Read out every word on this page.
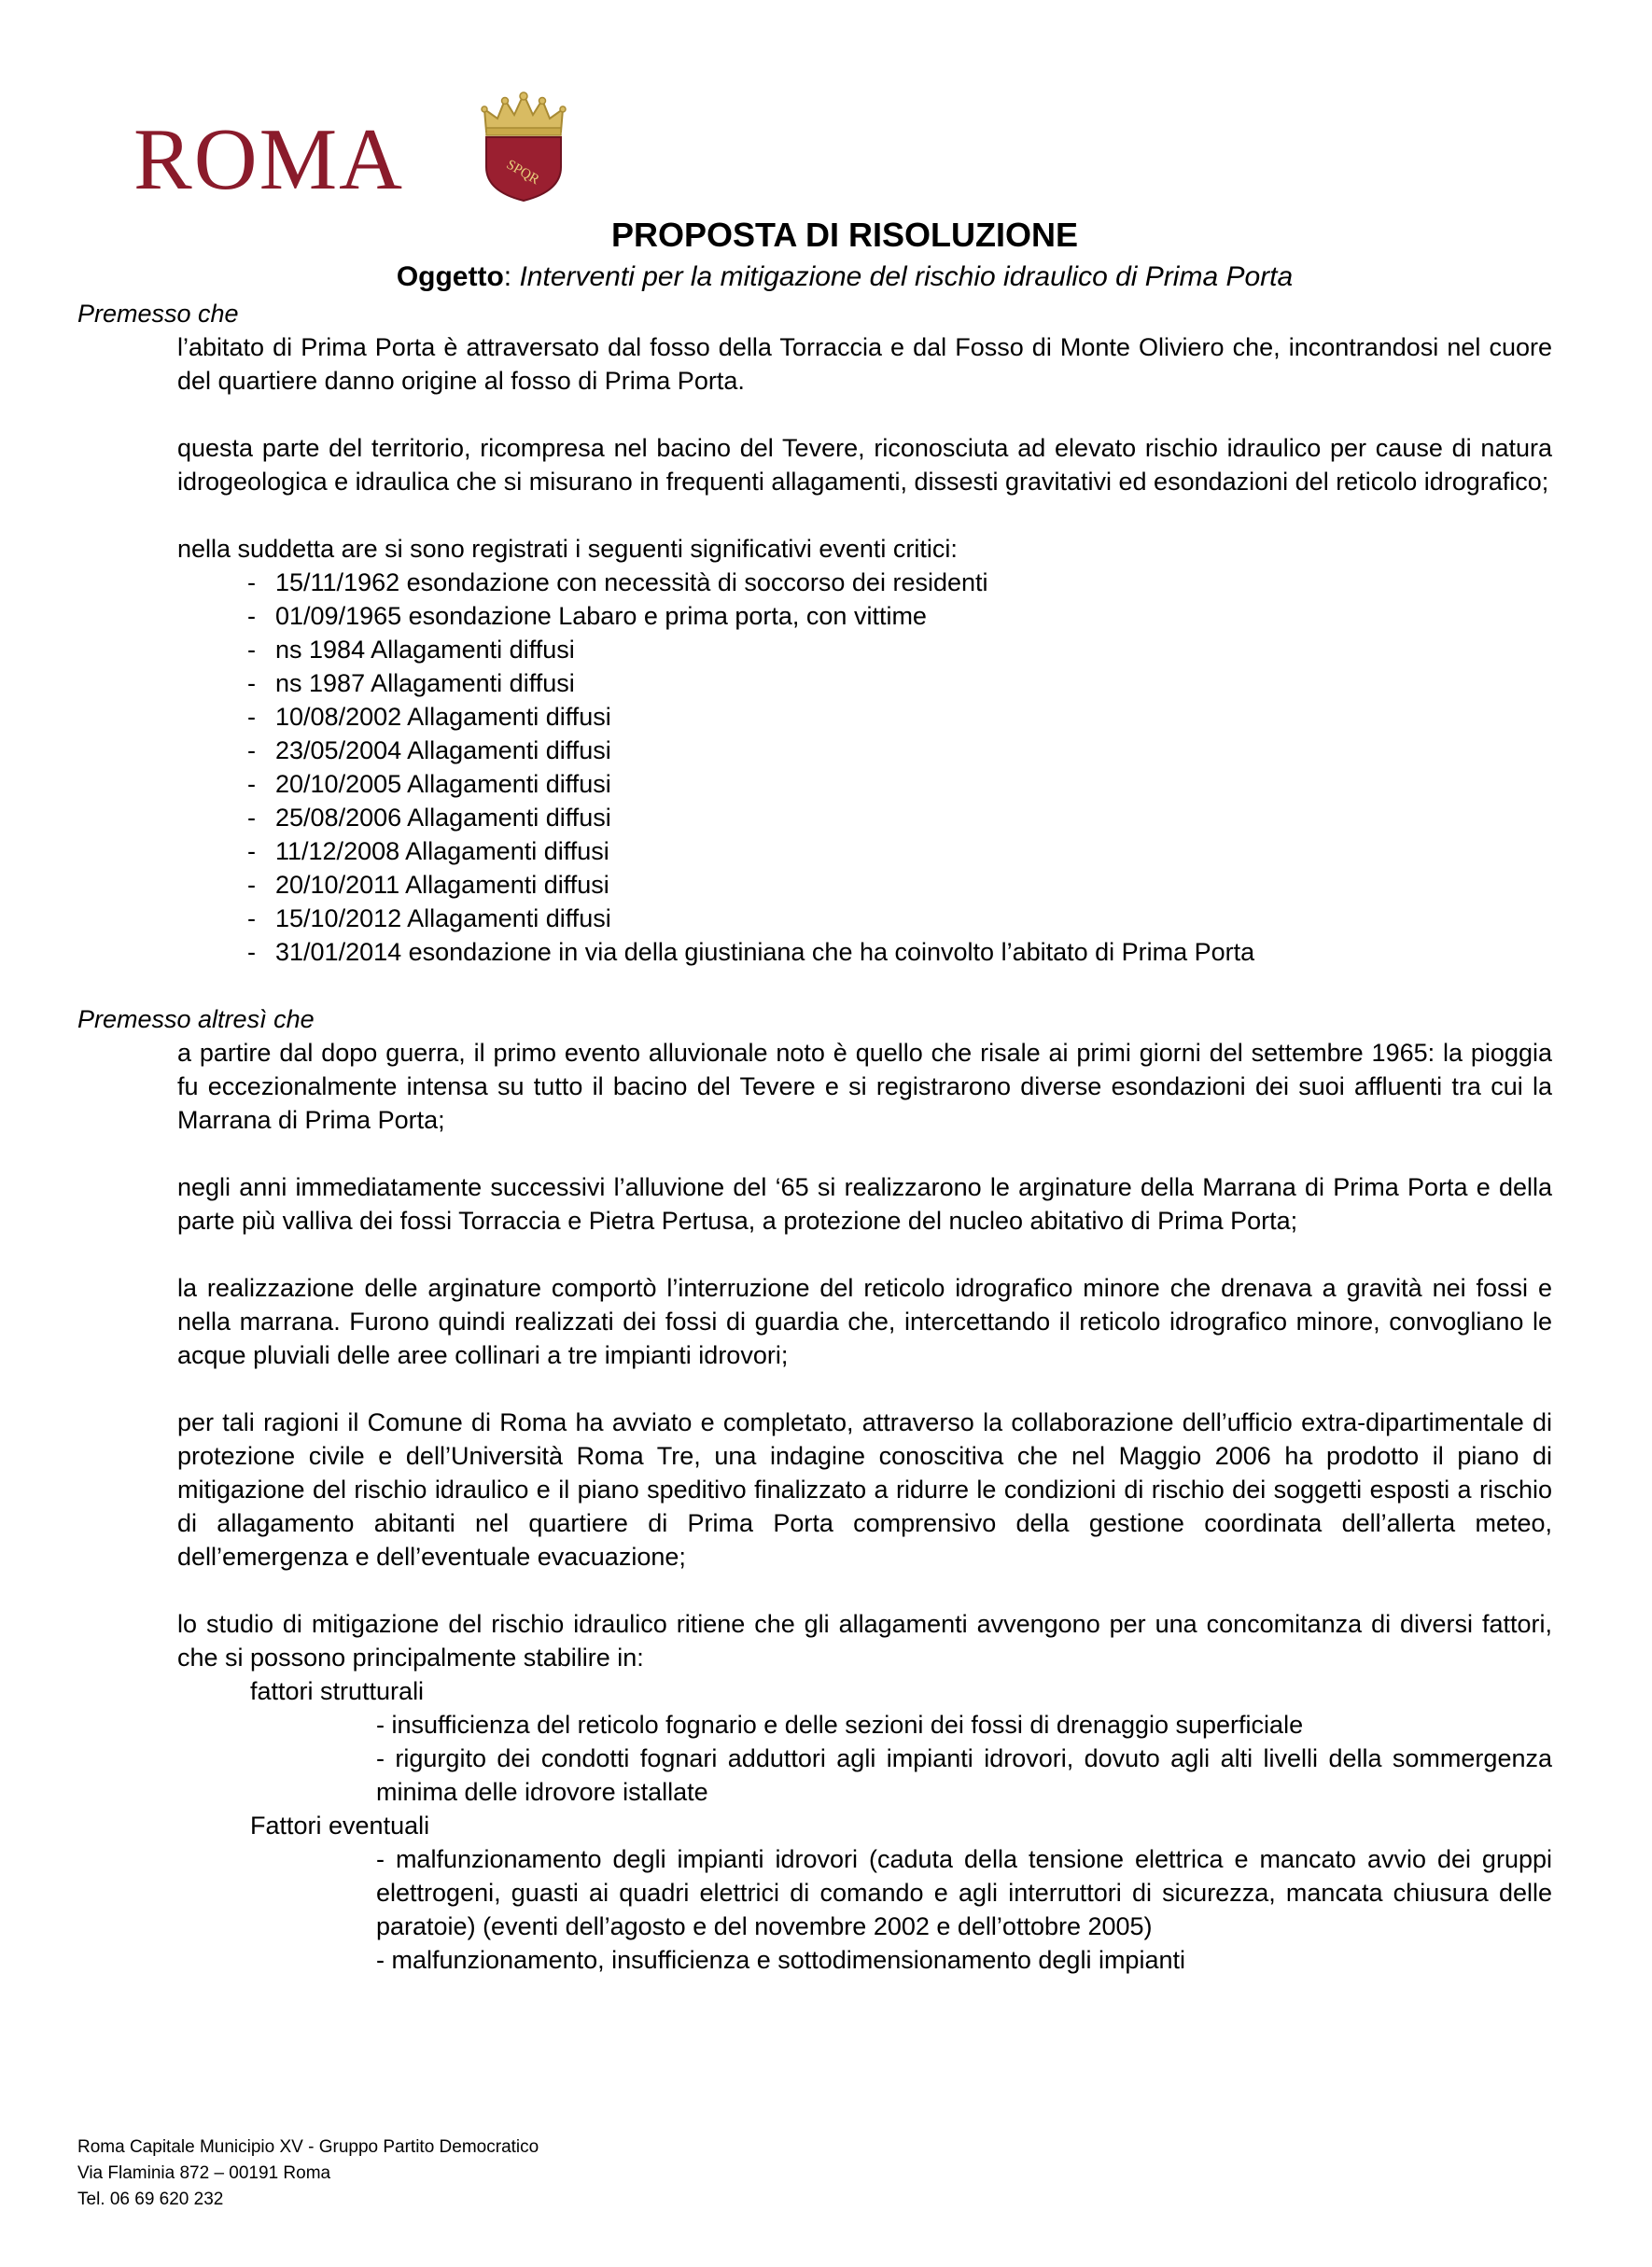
ROMA	SPQR
PROPOSTA DI RISOLUZIONE
Oggetto: Interventi per la mitigazione del rischio idraulico di Prima Porta
Premesso che
l’abitato di Prima Porta è attraversato dal fosso della Torraccia e dal Fosso di Monte Oliviero che, incontrandosi nel cuore del quartiere danno origine al fosso di Prima Porta.
questa parte del territorio, ricompresa nel bacino del Tevere, riconosciuta ad elevato rischio idraulico per cause di natura idrogeologica e idraulica che si misurano in frequenti allagamenti, dissesti gravitativi ed esondazioni del reticolo idrografico;
nella suddetta are si sono registrati i seguenti significativi eventi critici:
- 15/11/1962 esondazione con necessità di soccorso dei residenti
- 01/09/1965 esondazione Labaro e prima porta, con vittime
- ns 1984 Allagamenti diffusi
- ns 1987 Allagamenti diffusi
- 10/08/2002 Allagamenti diffusi
- 23/05/2004 Allagamenti diffusi
- 20/10/2005 Allagamenti diffusi
- 25/08/2006 Allagamenti diffusi
- 11/12/2008 Allagamenti diffusi
- 20/10/2011 Allagamenti diffusi
- 15/10/2012 Allagamenti diffusi
- 31/01/2014 esondazione in via della giustiniana che ha coinvolto l’abitato di Prima Porta
Premesso altresì che
a partire dal dopo guerra, il primo evento alluvionale noto è quello che risale ai primi giorni del settembre 1965: la pioggia fu eccezionalmente intensa su tutto il bacino del Tevere e si registrarono diverse esondazioni dei suoi affluenti tra cui la Marrana di Prima Porta;
negli anni immediatamente successivi l’alluvione del ‘65 si realizzarono le arginature della Marrana di Prima Porta e della parte più valliva dei fossi Torraccia e Pietra Pertusa, a protezione del nucleo abitativo di Prima Porta;
la realizzazione delle arginature comportò l’interruzione del reticolo idrografico minore che drenava a gravità nei fossi e nella marrana. Furono quindi realizzati dei fossi di guardia che, intercettando il reticolo idrografico minore, convogliano le acque pluviali delle aree collinari a tre impianti idrovori;
per tali ragioni il Comune di Roma ha avviato e completato, attraverso la collaborazione dell’ufficio extra-dipartimentale di protezione civile e dell’Università Roma Tre, una indagine conoscitiva che nel Maggio 2006 ha prodotto il piano di mitigazione del rischio idraulico e il piano speditivo finalizzato a ridurre le condizioni di rischio dei soggetti esposti a rischio di allagamento abitanti nel quartiere di Prima Porta comprensivo della gestione coordinata dell’allerta meteo, dell’emergenza e dell’eventuale evacuazione;
lo studio di mitigazione del rischio idraulico ritiene che gli allagamenti avvengono per una concomitanza di diversi fattori, che si possono principalmente stabilire in:
fattori strutturali
- insufficienza del reticolo fognario e delle sezioni dei fossi di drenaggio superficiale
- rigurgito dei condotti fognari adduttori agli impianti idrovori, dovuto agli alti livelli della sommergenza minima delle idrovore istallate
Fattori eventuali
- malfunzionamento degli impianti idrovori (caduta della tensione elettrica e mancato avvio dei gruppi elettrogeni, guasti ai quadri elettrici di comando e agli interruttori di sicurezza, mancata chiusura delle paratoie) (eventi dell’agosto e del novembre 2002 e dell’ottobre 2005)
- malfunzionamento, insufficienza e sottodimensionamento degli impianti
Roma Capitale Municipio XV - Gruppo Partito Democratico
Via Flaminia 872 – 00191 Roma
Tel. 06 69 620 232
